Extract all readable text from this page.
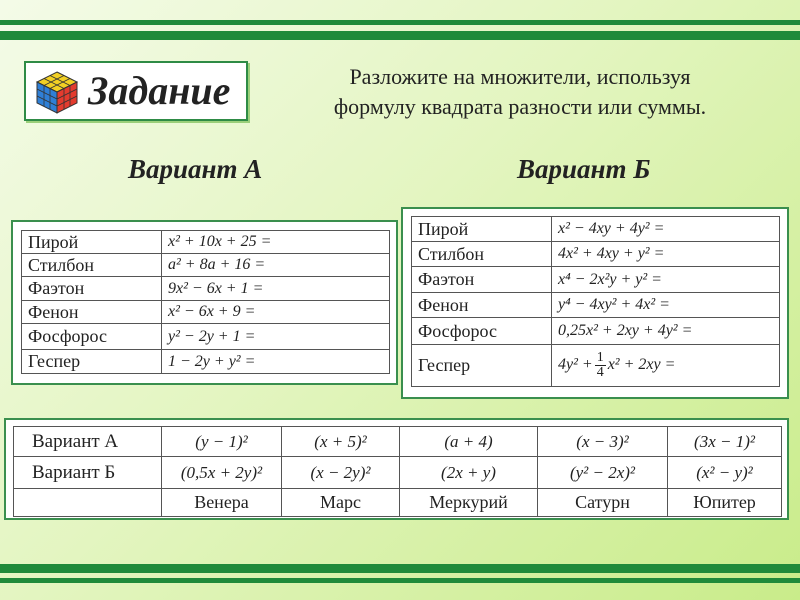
Задание	Разложите на множители, используя
формулу квадрата разности или суммы.
Вариант А	Вариант Б
Пирой	x² + 10x + 25 =
Стилбон	a² + 8a + 16 =
Фаэтон	9x² − 6x + 1 =
Фенон	x² − 6x + 9 =
Фосфорос	y² − 2y + 1 =
Геспер	1 − 2y + y² =
Пирой	x² − 4xy + 4y² =
Стилбон	4x² + 4xy + y² =
Фаэтон	x⁴ − 2x²y + y² =
Фенон	y⁴ − 4xy² + 4x² =
Фосфорос	0,25x² + 2xy + 4y² =
Геспер	$4y^2 + \frac{1}{4} x^2 + 2xy$ =
Вариант А	(y − 1)²	(x + 5)²	(a + 4)	(x − 3)²	(3x − 1)²
Вариант Б	(0,5x + 2y)²	(x − 2y)²	(2x + y)	(y² − 2x)²	(x² − y)²
	Венера	Марс	Меркурий	Сатурн	Юпитер
